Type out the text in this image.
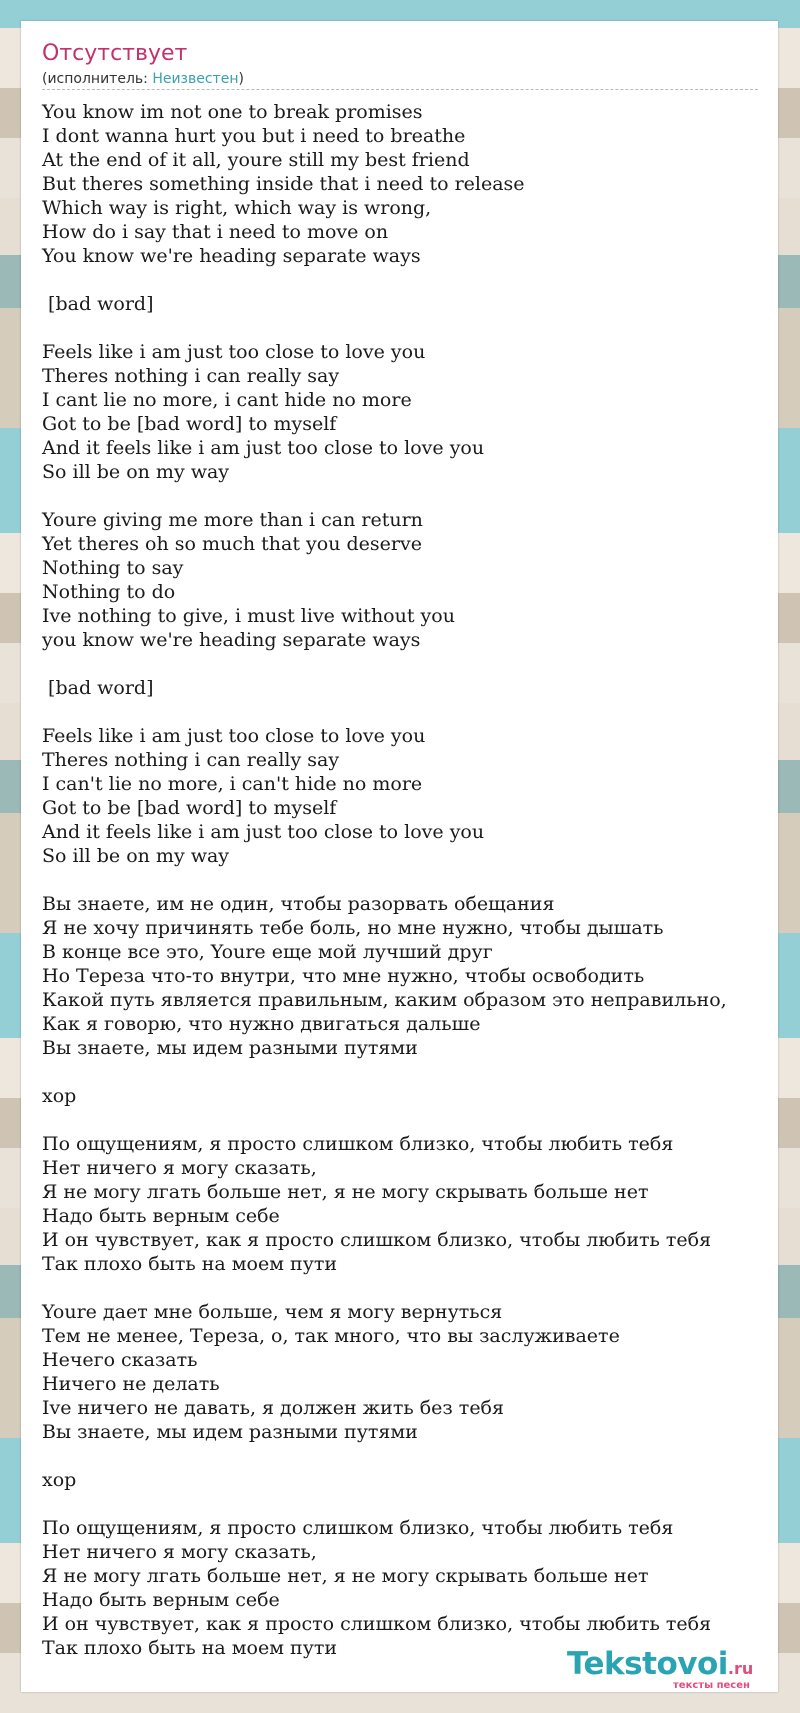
Отсутствует
(исполнитель: Неизвестен)
You know im not one to break promises
I dont wanna hurt you but i need to breathe
At the end of it all, youre still my best friend
But theres something inside that i need to release
Which way is right, which way is wrong,
How do i say that i need to move on
You know we're heading separate ways
[bad word]
Feels like i am just too close to love you
Theres nothing i can really say
I cant lie no more, i cant hide no more
Got to be [bad word] to myself
And it feels like i am just too close to love you
So ill be on my way
Youre giving me more than i can return
Yet theres oh so much that you deserve
Nothing to say
Nothing to do
Ive nothing to give, i must live without you
you know we're heading separate ways
[bad word]
Feels like i am just too close to love you
Theres nothing i can really say
I can't lie no more, i can't hide no more
Got to be [bad word] to myself
And it feels like i am just too close to love you
So ill be on my way
Вы знаете, им не один, чтобы разорвать обещания
Я не хочу причинять тебе боль, но мне нужно, чтобы дышать
В конце все это, Youre еще мой лучший друг
Но Тереза что-то внутри, что мне нужно, чтобы освободить
Какой путь является правильным, каким образом это неправильно,
Как я говорю, что нужно двигаться дальше
Вы знаете, мы идем разными путями
хор
По ощущениям, я просто слишком близко, чтобы любить тебя
Нет ничего я могу сказать,
Я не могу лгать больше нет, я не могу скрывать больше нет
Надо быть верным себе
И он чувствует, как я просто слишком близко, чтобы любить тебя
Так плохо быть на моем пути
Youre дает мне больше, чем я могу вернуться
Тем не менее, Тереза, о, так много, что вы заслуживаете
Нечего сказать
Ничего не делать
Ive ничего не давать, я должен жить без тебя
Вы знаете, мы идем разными путями
хор
По ощущениям, я просто слишком близко, чтобы любить тебя
Нет ничего я могу сказать,
Я не могу лгать больше нет, я не могу скрывать больше нет
Надо быть верным себе
И он чувствует, как я просто слишком близко, чтобы любить тебя
Так плохо быть на моем пути	Tekstovoi.ru
тексты песен
